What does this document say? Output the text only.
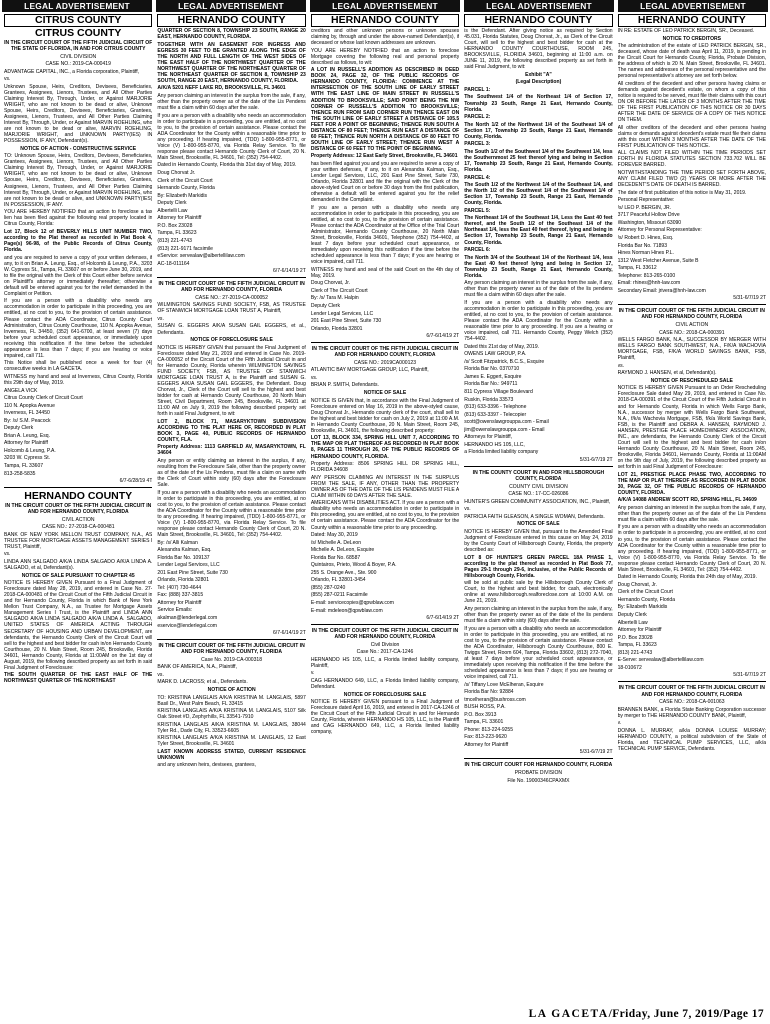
LEGAL ADVERTISEMENT	LEGAL ADVERTISEMENT	LEGAL ADVERTISEMENT	LEGAL ADVERTISEMENT	LEGAL ADVERTISEMENT
CITRUS COUNTY
CITRUS COUNTY

IN THE CIRCUIT COURT OF THE FIFTH JUDICIAL CIRCUIT OF THE STATE OF FLORIDA, IN AND FOR CITRUS COUNTY

CIVIL DIVISION

CASE NO.: 2019-CA-000419

ADVANTAGE CAPITAL, INC., a Florida corporation, Plaintiff,

vs.

Unknown Spouse, Heirs, Creditors, Devisees, Beneficiaries, Grantees, Assignees, Lienors, Trustees, and All Other Parties Claiming Interest By, Through, Under, or Against MARJORIE WRIGHT, who are not known to be dead or alive, Unknown Spouse, Heirs, Creditors, Devisees, Beneficiaries, Grantees, Assignees, Lienors, Trustees, and All Other Parties Claiming Interest By, Through, Under, or Against MARVIN ROEHLING, who are not known to be dead or alive, MARVIN ROEHLING, MARJORIE WRIGHT, and UNKNOWN PARTY(IES) IN POSSESSION, IF ANY, Defendant(s).

NOTICE OF ACTION - CONSTRUCTIVE SERVICE

TO: Unknown Spouse, Heirs, Creditors, Devisees, Beneficiaries, Grantees, Assignees, Lienors, Trustees, and All Other Parties Claiming Interest By, Through, Under, or Against MARJORIE WRIGHT, who are not known to be dead or alive, Unknown Spouse, Heirs, Creditors, Devisees, Beneficiaries, Grantees, Assignees, Lienors, Trustees, and All Other Parties Claiming Interest By, Through, Under, or Against MARVIN ROEHLING, who are not known to be dead or alive, and UNKNOWN PARTY(IES) IN POSSESSION, IF ANY.

YOU ARE HEREBY NOTIFIED that an action to foreclose a tax lien has been filed against the following real property located in Citrus County, Florida:

Lot 17, Block 12 of BEVERLY HILLS UNIT NUMBER TWO, according to the Plat thereof as recorded in Plat Book 4, Page(s) 96-98, of the Public Records of Citrus County, Florida.

and you are required to serve a copy of your written defenses, if any, to it on Brian A. Leung, Esq., of Holcomb & Leung, P.A., 3203 W. Cypress St., Tampa, FL 33607 on or before June 30, 2019, and to file the original with the Clerk of this Court either before service on Plaintiff's attorney or immediately thereafter; otherwise a default will be entered against you for the relief demanded in the Complaint or Petition.

If you are a person with a disability who needs any accommodation in order to participate in this proceeding, you are entitled, at no cost to you, to the provision of certain assistance. Please contact the ADA Coordinator, Citrus County Court Administration, Citrus County Courthouse, 110 N. Apopka Avenue, Inverness, FL 34450, (352) 641-6700, at least seven (7) days before your scheduled court appearance, or immediately upon receiving this notification if the time before the scheduled appearance is less than 7 days; if you are hearing or voice impaired, call 711.

This Notice shall be published once a week for four (4) consecutive weeks in LA GACETA.

WITNESS my hand and seal at Inverness, Citrus County, Florida this 29th day of May, 2019.

ANGELA VICK

Citrus County Clerk of Circuit Court

110 N. Apopka Avenue

Inverness, FL 34450

By: /s/ S.M. Peacock

Deputy Clerk

Brian A. Leung, Esq.

Attorney for Plaintiff

Holcomb & Leung, P.A.

3203 W. Cypress St.

Tampa, FL 33607

813-258-5835

6/7-6/28/19 4T

HERNANDO COUNTY

IN THE CIRCUIT COURT OF THE FIFTH JUDICIAL CIRCUIT IN AND FOR HERNANDO COUNTY, FLORIDA

CIVIL ACTION

CASE NO.: 27-2018-CA-000481

BANK OF NEW YORK MELLON TRUST COMPANY, N.A., AS TRUSTEE FOR MORTGAGE ASSETS MANAGEMENT SERIES I TRUST, Plaintiff,

vs.

LINDA ANN SALGADO A/K/A LINDA SALGADO A/K/A LINDA A. SALGADO, et al, Defendant(s).

NOTICE OF SALE PURSUANT TO CHAPTER 45

NOTICE IS HEREBY GIVEN Pursuant to a Final Judgment of Foreclosure dated May 28, 2019, and entered in Case No. 27-2018-CA-000481 of the Circuit Court of the Fifth Judicial Circuit in and for Hernando County, Florida in which Bank of New York Mellon Trust Company, N.A., as Trustee for Mortgage Assets Management Series I Trust, is the Plaintiff and LINDA ANN SALGADO A/K/A LINDA SALGADO A/K/A LINDA A. SALGADO, UNITED STATES OF AMERICA ACTING THROUGH SECRETARY OF HOUSING AND URBAN DEVELOPMENT, are defendants, the Hernando County Clerk of the Circuit Court will sell to the highest and best bidder for cash in/on Hernando County Courthouse, 20 N. Main Street, Room 245, Brooksville, Florida 34601, Hernando County, Florida at 11:00AM on the 1st day of August, 2019, the following described property as set forth in said Final Judgment of Foreclosure:

THE SOUTH QUARTER OF THE EAST HALF OF THE NORTHWEST QUARTER OF THE NORTHEAST

HERNANDO COUNTY

QUARTER OF SECTION 8, TOWNSHIP 23 SOUTH, RANGE 20 EAST, HERNANDO COUNTY, FLORIDA.

TOGETHER WITH AN EASEMENT FOR INGRESS AND EGRESS 30 FEET TO BE GRANTED ALONG THE EDGE OF THE NORTH AND FULL LENGTH OF THE WEST SIDES OF THE EAST HALF OF THE NORTHWEST QUARTER OF THE NORTHWEST QUARTER OF THE NORTHEAST QUARTER OF THE NORTHEAST QUARTER OF SECTION 8, TOWNSHIP 23 SOUTH, RANGE 20 EAST, HERNANDO COUNTY, FLORIDA.

A/K/A 5201 NEFF LAKE RD, BROOKSVILLE, FL 34601

Any person claiming an interest in the surplus from the sale, if any, other than the property owner as of the date of the Lis Pendens must file a claim within 60 days after the sale.

If you are a person with a disability who needs an accommodation in order to participate in a proceeding, you are entitled, at no cost to you, to the provision of certain assistance. Please contact the ADA Coordinator for the County within a reasonable time prior to any proceeding. If hearing impaired, (TDD) 1-800-955-8771, or Voice (V) 1-800-955-8770, via Florida Relay Service. To file response please contact Hernando County Clerk of Court, 20 N. Main Street, Brooksville, FL 34601, Tel: (352) 754-4402.

Dated in Hernando County, Florida this 31st day of May, 2019.

Doug Chorvat Jr.

Clerk of the Circuit Court

Hernando County, Florida

By: Elizabeth Markidis

Deputy Clerk

Albertelli Law

Attorney for Plaintiff

P.O. Box 23028

Tampa, FL 33623

(813) 221-4743

(813) 221-9171 facsimile

eService: servealaw@albertellilaw.com

AC-18-011164

6/7-6/14/19 2T

IN THE CIRCUIT COURT OF THE FIFTH JUDICIAL CIRCUIT IN AND FOR HERNANDO COUNTY, FLORIDA

CASE NO.: 27-2019-CA-000052

WILMINGTON SAVINGS FUND SOCIETY, FSB, AS TRUSTEE OF STANWICH MORTGAGE LOAN TRUST A, Plaintiff,

vs.

SUSAN G. EGGERS A/K/A SUSAN GAIL EGGERS, et al., Defendants.

NOTICE OF FORECLOSURE SALE

NOTICE IS HEREBY GIVEN that pursuant the Final Judgment of Foreclosure dated May 21, 2019 and entered in Case No. 2019-CA-000052 of the Circuit Court of the Fifth Judicial Circuit in and for Hernando County, Florida wherein WILMINGTON SAVINGS FUND SOCIETY, FSB, AS TRUSTEE OF STANWICH MORTGAGE LOAN TRUST A, is the Plaintiff and SUSAN G. EGGERS A/K/A SUSAN GAIL EGGERS, the Defendant. Doug Chorvat, Jr., Clerk of the Court will sell to the highest and best bidder for cash at Hernando County Courthouse, 20 North Main Street, Civil Department, Room 245, Brooksville, FL 34601 at 11:00 AM on July 9, 2019 the following described property set forth in said Final Judgment, to wit:

LOT 2, BLOCK 71, MASARYKTOWN SUBDIVISION ACCORDING TO THE PLAT HERE OF, RECORDED IN PLAT BOOK 3, PAGE 40, PUBLIC RECORDS OF HERNANDO COUNTY, FLA.

Property Address: 1113 GARFIELD AV, MASARYKTOWN, FL 34604

Any person or entity claiming an interest in the surplus, if any, resulting from the Foreclosure Sale, other than the property owner as of the date of the Lis Pendens, must file a claim on same with the Clerk of Court within sixty (60) days after the Foreclosure Sale.

If you are a person with a disability who needs an accommodation in order to participate in this proceeding, you are entitled, at no cost to you, to the provision of certain assistance. Please contact the ADA Coordinator for the County within a reasonable time prior to any proceeding. If hearing impaired, (TDD) 1-800-955-8771, or Voice (V) 1-800-955-8770, via Florida Relay Service. To file response please contact Hernando County Clerk of Court, 20 N. Main Street, Brooksville, FL 34601, Tel: (352) 754-4402.

By: /s/ Alli Kalman

Alexandra Kalman, Esq.

Florida Bar No. 109137

Lender Legal Services, LLC

201 East Pine Street, Suite 730

Orlando, Florida 32801

Tel: (407) 730-4644

Fax: (888) 337-3815

Attorney for Plaintiff

Service Emails:

akalman@lenderlegal.com

eservice@lenderlegal.com

6/7-6/14/19 2T

IN THE CIRCUIT COURT OF THE FIFTH JUDICIAL CIRCUIT IN AND FOR HERNANDO COUNTY, FLORIDA

Case No. 2019-CA-000318

BANK OF AMERICA, N.A., Plaintiff,

vs.

MARK D. LACROSS; et al., Defendants.

NOTICE OF ACTION

TO: KRISTINA LANGLAIS A/K/A KRISTINA M. LANGLAIS, 5897 Basil Dr., West Palm Beach, FL 33415

KRISTINA LANGLAIS A/K/A KRISTINA M. LANGLAIS, 5107 Silk Oak Street #D, Zephyrhills, FL 33541-7910

KRISTINA LANGLAIS A/K/A KRISTINA M. LANGLAIS, 38044 Tyler Rd., Dade City, FL 33523-6605

KRISTINA LANGLAIS A/K/A KRISTINA M. LANGLAIS, 12 East Tyler Street, Brooksville, FL 34601

LAST KNOWN ADDRESS STATED, CURRENT RESIDENCE UNKNOWN

and any unknown heirs, devisees, grantees,

HERNANDO COUNTY

creditors and other unknown persons or unknown spouses claiming by, through and under the above-named Defendant(s), if deceased or whose last known addresses are unknown.

YOU ARE HEREBY NOTIFIED that an action to foreclose Mortgage covering the following real and personal property described as follows, to wit:

A LOT IN RUSSELL'S ADDITION AS DESCRIBED IN DEED BOOK 24, PAGE 32, OF THE PUBLIC RECORDS OF HERNANDO COUNTY, FLORIDA: COMMENCE AT THE INTERSECTION OF THE SOUTH LINE OF EARLY STREET WITH THE EAST LINE OF MAIN STREET IN RUSSELL'S ADDITION TO BROOKSVILLE; SAID POINT BEING THE NW CORNER OF RUSSELL'S ADDITION TO BROOKSVILLE; THENCE RUN FROM SAID CORNER RUN THENCE EAST ON THE SOUTH LINE OF EARLY STREET A DISTANCE OF 105.5 FEET FOR A POINT OF BEGINNING; THENCE RUN SOUTH A DISTANCE OF 80 FEET; THENCE RUN EAST A DISTANCE OF 60 FEET; THENCE RUN NORTH A DISTANCE OF 80 FEET TO SOUTH LINE OF EARLY STREET; THENCE RUN WEST A DISTANCE OF 60 FEET TO THE POINT OF BEGINNING.

Property Address: 12 East Early Street, Brooksville, FL 34601

has been filed against you and you are required to serve a copy of your written defenses, if any, to it on Alexandra Kalman, Esq., Lender Legal Services, LLC, 201 East Pine Street, Suite 730, Orlando, Florida 32801 and file the original with the Clerk of the above-styled Court on or before 30 days from the first publication, otherwise a default will be entered against you for the relief demanded in the Complaint.

If you are a person with a disability who needs any accommodation in order to participate in this proceeding, you are entitled, at no cost to you, to the provision of certain assistance. Please contact the ADA Coordinator at the Office of the Trial Court Administrator, Hernando County Courthouse, 20 North Main Street, Brooksville, Florida 34601, Telephone (352) 754-4402, at least 7 days before your scheduled court appearance, or immediately upon receiving this notification if the time before the scheduled appearance is less than 7 days; if you are hearing or voice impaired, call 711.

WITNESS my hand and seal of the said Court on the 4th day of May, 2019.

Doug Chorvat, Jr.

Clerk of The Circuit Court

By: /s/ Tara M. Halpin

Deputy Clerk

Lender Legal Services, LLC

201 East Pine Street, Suite 730

Orlando, Florida 32801

6/7-6/14/19 2T

IN THE CIRCUIT COURT OF THE FIFTH JUDICIAL CIRCUIT IN AND FOR HERNANDO COUNTY, FLORIDA

CASE NO.: 2019CA000123

ATLANTIC BAY MORTGAGE GROUP, LLC, Plaintiff,

vs.

BRIAN P. SMITH, Defendants.

NOTICE OF SALE

NOTICE IS GIVEN that, in accordance with the Final Judgment of Foreclosure entered on May 16, 2019 in the above-styled cause, Doug Chorvat Jr., Hernando county clerk of the court, shall sell to the highest and best bidder for cash on July 2, 2019 at 11:00 A.M. in Hernando County Courthouse, 20 N. Main Street, Room 245, Brooksville, FL 34601, the following described property:

LOT 13, BLOCK 334, SPRING HILL UNIT 7, ACCORDING TO THE MAP OR PLAT THEREOF AS RECORDED IN PLAT BOOK 8, PAGES 11 THROUGH 26, OF THE PUBLIC RECORDS OF HERNANDO COUNTY, FLORIDA.

Property Address: 8506 SPRING HILL DR SPRING HILL, FLORIDA 34608

ANY PERSON CLAIMING AN INTEREST IN THE SURPLUS FROM THE SALE, IF ANY, OTHER THAN THE PROPERTY OWNER AS OF THE DATE OF THE LIS PENDENS MUST FILE A CLAIM WITHIN 60 DAYS AFTER THE SALE.

AMERICANS WITH DISABILITIES ACT. If you are a person with a disability who needs an accommodation in order to participate in this proceeding, you are entitled, at no cost to you, to the provision of certain assistance. Please contact the ADA Coordinator for the County within a reasonable time prior to any proceeding.

Dated: May 30, 2019

/s/ Michelle A. DeLeon

Michelle A. DeLeon, Esquire

Florida Bar No. 68587

Quintairos, Prieto, Wood & Boyer, P.A.

255 S. Orange Ave., Ste. 900

Orlando, FL 32801-3454

(855) 287-0240

(855) 287-0211 Facsimile

E-mail: servicecopies@qpwblaw.com

E-mail: mdeleon@qpwblaw.com

6/7-6/14/19 2T

IN THE CIRCUIT COURT OF THE FIFTH JUDICIAL CIRCUIT IN AND FOR HERNANDO COUNTY, FLORIDA

Civil Division

Case No.: 2017-CA-1246

HERNANDO HS 105, LLC, a Florida limited liability company, Plaintiff,

v.

CAG HERNANDO 649, LLC, a Florida limited liability company, Defendant.

NOTICE OF FORECLOSURE SALE

NOTICE IS HEREBY GIVEN pursuant to a Final Judgment of Foreclosure dated April 16, 2019, and entered in 2017-CA-1246 of the Circuit Court of the Fifth Judicial Circuit in and for Hernando County, Florida, wherein HERNANDO HS 105, LLC, is the Plaintiff and CAG HERNANDO 649, LLC, a Florida limited liability company,

HERNANDO COUNTY

is the Defendant. After giving notice as required by Section 45.031, Florida Statutes, Doug Chorvat, Jr., as Clerk of the Circuit Court, will sell to the highest and best bidder for cash at the HERNANDO COUNTY COURTHOUSE, ROOM 245, BROOKSVILLE, FLORIDA 34601, beginning at 11:00 a.m. on JUNE 11, 2019, the following described property as set forth in said Final Judgment, to wit:

Exhibit "A"

(Legal Description)

PARCEL 1:

The Southwest 1/4 of the Northeast 1/4 of Section 17, Township 23 South, Range 21 East, Hernando County, Florida.

PARCEL 2:

The North 1/2 of the Northwest 1/4 of the Southeast 1/4 of Section 17, Township 23 South, Range 21 East, Hernando County, Florida.

PARCEL 3:

The South 1/2 of the Southwest 1/4 of the Southwest 1/4, less the Southernmost 25 feet thereof lying and being in Section 17, Township 23 South, Range 21 East, Hernando County, Florida.

PARCEL 4:

The South 1/2 of the Northwest 1/4 of the Southeast 1/4, and the North 1/2 of the Southwest 1/4 of the Southwest 1/4 of Section 17, Township 23 South, Range 21 East, Hernando County, Florida.

PARCEL 5:

The Northeast 1/4 of the Southeast 1/4, Less the East 40 feet thereof, and the South 1/2 of the Southeast 1/4 of the Northeast 1/4, less the East 40 feet thereof, lying and being in Section 17, Township 23 South, Range 21 East, Hernando County, Florida.

PARCEL 6:

The North 3/4 of the Southeast 1/4 of the Northeast 1/4, less the East 40 feet thereof lying and being in Section 17, Township 23 South, Range 21 East, Hernando County, Florida.

Any person claiming an interest in the surplus from the sale, if any, other than the property owner as of the date of the lis pendens must file a claim within 60 days after the sale.

If you are a person with a disability who needs any accommodation in order to participate in this proceeding, you are entitled, at no cost to you, to the provision of certain assistance. Please contact the ADA Coordinator for the County within a reasonable time prior to any proceeding. If you are a hearing or voice impaired, call 711. Hernando County, Peggy Welch (352) 754-4402.

Dated this 21st day of May, 2019.

OWENS LAW GROUP, P.A.

/s/ Scott Fitzpatrick, B.C.S., Esquire

Florida Bar No. 0370710

James E. Eggert, Esquire

Florida Bar No.: 949711

811 Cypress Village Boulevard

Ruskin, Florida 33573

(813) 633-3396 - Telephone

(813) 633-3397 - Telecopier

scott@owenslawgrouppa.com - Email

jim@owenslawgrouppa.com - Email

Attorneys for Plaintiff,

HERNANDO HS 105, LLC,

a Florida limited liability company

5/31-6/7/19 2T

IN THE COUNTY COURT IN AND FOR HILLSBOROUGH COUNTY, FLORIDA

COUNTY CIVIL DIVISION

CASE NO.: 17-CC-026086

HUNTER'S GREEN COMMUNITY ASSOCIATION, INC., Plaintiff,

vs.

PATRICIA FAITH GLEASON, A SINGLE WOMAN, Defendants.

NOTICE OF SALE

NOTICE IS HEREBY GIVEN that, pursuant to the Amended Final Judgment of Foreclosure entered in this cause on May 24, 2019 by the County Court of Hillsborough County, Florida, the property described as:

LOT 8 OF HUNTER'S GREEN PARCEL 18A PHASE 1, according to the plat thereof as recorded in Plat Book 77, Pages 29-1 through 29-6, inclusive, of the Public Records of Hillsborough County, Florida.

will be sold at public sale by the Hillsborough County Clerk of Court, to the highest and best bidder, for cash, electronically online at www.hillsborough.realforeclose.com at 10:00 A.M. on June 21, 2019.

Any person claiming an interest in the surplus from the sale, if any, other than the property owner as of the date of the lis pendens must file a claim within sixty (60) days after the sale.

If you are a person with a disability who needs an accommodation in order to participate in this proceeding, you are entitled, at no cost to you, to the provision of certain assistance. Please contact the ADA Coordinator, Hillsborough County Courthouse, 800 E. Twiggs Street, Room 604, Tampa, Florida 33602, (813) 272-7040, at least 7 days before your scheduled court appearance, or immediately upon receiving this notification if the time before the scheduled appearance is less than 7 days; if you are hearing or voice impaired, call 711.

/s/ Tiffany Love McElheran, Esquire

Florida Bar No: 92884

tmcelheran@bushross.com

BUSH ROSS, P.A.

P.O. Box 3913

Tampa, FL 33601

Phone: 813-224-9255

Fax: 813-223-9620

Attorney for Plaintiff

5/31-6/7/19 2T

IN THE CIRCUIT COURT FOR HERNANDO COUNTY, FLORIDA

PROBATE DIVISION

File No. 19000346CPAXMX

HERNANDO COUNTY

IN RE: ESTATE OF LEO PATRICK BERGIN, SR., Deceased.

NOTICE TO CREDITORS

The administration of the estate of LEO PATRICK BERGIN, SR., deceased, whose date of death was April 11, 2019, is pending in the Circuit Court for Hernando County, Florida, Probate Division, the address of which is 20 N. Main Street, Brooksville, FL 34601. The names and addresses of the personal representative and the personal representative's attorney are set forth below.

All creditors of the decedent and other persons having claims or demands against decedent's estate, on whom a copy of this notice is required to be served, must file their claims with this court ON OR BEFORE THE LATER OF 3 MONTHS AFTER THE TIME OF THE FIRST PUBLICATION OF THIS NOTICE OR 30 DAYS AFTER THE DATE OF SERVICE OF A COPY OF THIS NOTICE ON THEM.

All other creditors of the decedent and other persons having claims or demands against decedent's estate must file their claims with this court WITHIN 3 MONTHS AFTER THE DATE OF THE FIRST PUBLICATION OF THIS NOTICE.

ALL CLAIMS NOT FILED WITHIN THE TIME PERIODS SET FORTH IN FLORIDA STATUTES SECTION 733.702 WILL BE FOREVER BARRED.

NOTWITHSTANDING THE TIME PERIOD SET FORTH ABOVE, ANY CLAIM FILED TWO (2) YEARS OR MORE AFTER THE DECEDENT'S DATE OF DEATH IS BARRED.

The date of first publication of this notice is May 31, 2019.

Personal Representative:

/s/ LEO P. BERGIN, JR.

3717 Peaceful Hollow Drive

Washington, Missouri 63090

Attorney for Personal Representative:

/s/ Robert D. Hines, Esq.

Florida Bar No. 71893

Hines Norman Hines P.L.

1312 West Fletcher Avenue, Suite B

Tampa, FL 33612

Telephone: 813-265-0100

Email: rhines@hnh-law.com

Secondary Email: jrivera@hnh-law.com

5/31-6/7/19 2T

IN THE CIRCUIT COURT OF THE FIFTH JUDICIAL CIRCUIT IN AND FOR HERNANDO COUNTY, FLORIDA

CIVIL ACTION

CASE NO.: 2018-CA-000391

WELLS FARGO BANK, N.A., SUCCESSOR BY MERGER WITH WELLS FARGO BANK SOUTHWEST, N.A., F/K/A WACHOVIA MORTGAGE, FSB, F/K/A WORLD SAVINGS BANK, FSB, Plaintiff,

vs.

RAYMOND J. HANSEN, et al, Defendant(s).

NOTICE OF RESCHEDULED SALE

NOTICE IS HEREBY GIVEN Pursuant to an Order Rescheduling Foreclosure Sale dated May 29, 2019, and entered in Case No. 2018-CA-000391 of the Circuit Court of the Fifth Judicial Circuit in and for Hernando County, Florida in which Wells Fargo Bank, N.A., successor by merger with Wells Fargo Bank Southwest, N.A., f/k/a Wachovia Mortgage, FSB, f/k/a World Savings Bank, FSB, is the Plaintiff and DEBRA A. HANSEN, RAYMOND J. HANSEN, PRESTIGE PLACE HOMEOWNERS' ASSOCIATION, INC., are defendants, the Hernando County Clerk of the Circuit Court will sell to the highest and best bidder for cash in/on Hernando County Courthouse, 20 N. Main Street, Room 245, Brooksville, Florida 34601, Hernando County, Florida at 11:00AM on the 9th day of July, 2019, the following described property as set forth in said Final Judgment of Foreclosure:

LOT 21, PRESTIGE PLACE PHASE TWO, ACCORDING TO THE MAP OR PLAT THEREOF AS RECORDED IN PLAT BOOK 30, PAGE 32, OF THE PUBLIC RECORDS OF HERNANDO COUNTY, FLORIDA.

A/K/A 14088 ANDREW SCOTT RD, SPRING HILL, FL 34609

Any person claiming an interest in the surplus from the sale, if any, other than the property owner as of the date of the Lis Pendens must file a claim within 60 days after the sale.

If you are a person with a disability who needs an accommodation in order to participate in a proceeding, you are entitled, at no cost to you, to the provision of certain assistance. Please contact the ADA Coordinator for the County within a reasonable time prior to any proceeding. If hearing impaired, (TDD) 1-800-955-8771, or Voice (V) 1-800-955-8770, via Florida Relay Service. To file response please contact Hernando County Clerk of Court, 20 N. Main Street, Brooksville, FL 34601, Tel: (352) 754-4402.

Dated in Hernando County, Florida this 24th day of May, 2019.

Doug Chorvat, Jr.

Clerk of the Circuit Court

Hernando County, Florida

By: Elizabeth Markidis

Deputy Clerk

Albertelli Law

Attorney for Plaintiff

P.O. Box 23028

Tampa, FL 33623

(813) 221-4743

E-Serve: servealaw@albertellilaw.com

18-010672

5/31-6/7/19 2T

IN THE CIRCUIT COURT OF THE FIFTH JUDICIAL CIRCUIT IN AND FOR HERNANDO COUNTY, FLORIDA

CASE NO.: 2018-CA-001063

BRANNEN BANK, a Florida State Banking Corporation successor by merger to THE HERNANDO COUNTY BANK, Plaintiff,

v.

DONNA L. MURRAY, a/k/a DONNA LOUISE MURRAY; HERNANDO COUNTY, a political subdivision of the State of Florida, and TECHNICAL PUMP SERVICES, LLC, a/k/a TECHNICAL PUMP SERVICE, Defendants.

LA GACETA/Friday, June 7, 2019/Page 17
